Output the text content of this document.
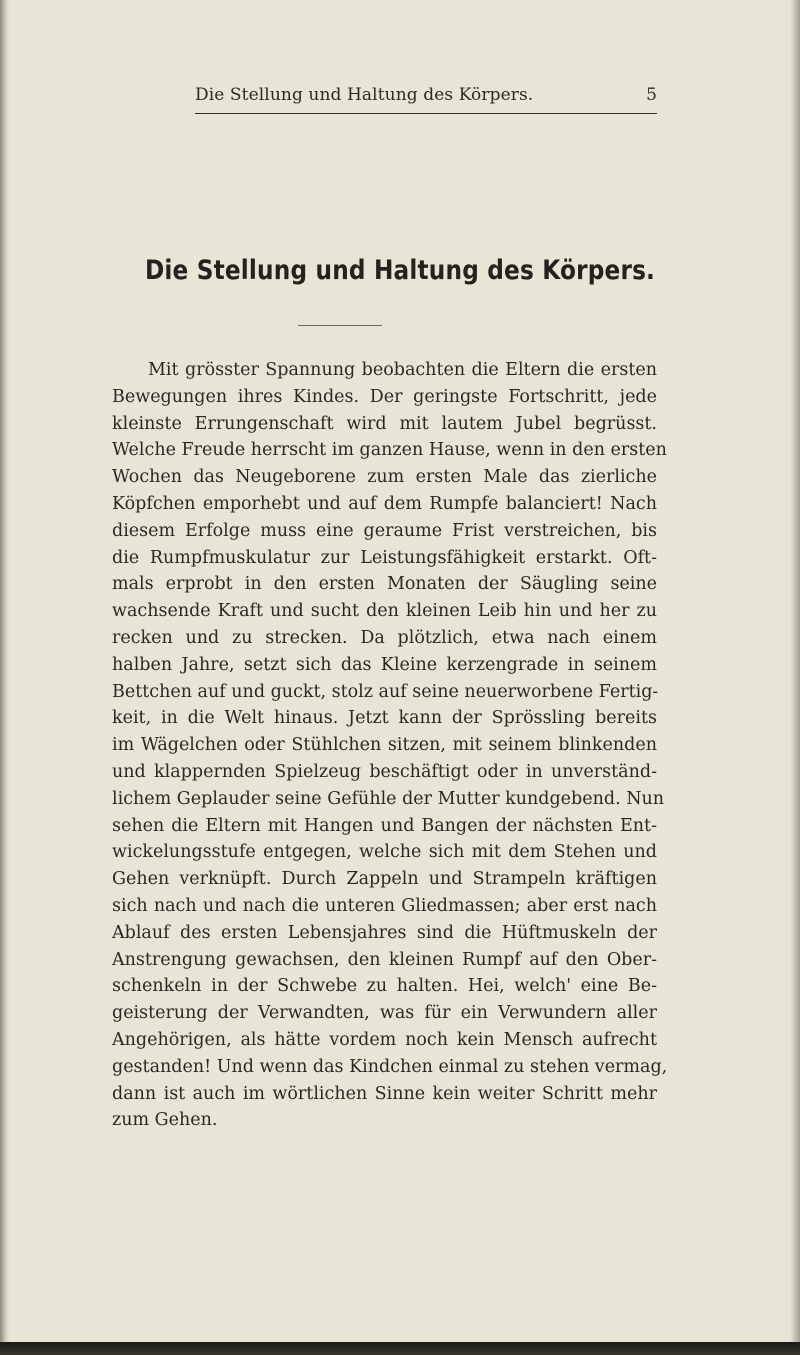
Die Stellung und Haltung des Körpers.	5
Die Stellung und Haltung des Körpers.
Mit grösster Spannung beobachten die Eltern die ersten
Bewegungen ihres Kindes. Der geringste Fortschritt, jede
kleinste Errungenschaft wird mit lautem Jubel begrüsst.
Welche Freude herrscht im ganzen Hause, wenn in den ersten
Wochen das Neugeborene zum ersten Male das zierliche
Köpfchen emporhebt und auf dem Rumpfe balanciert! Nach
diesem Erfolge muss eine geraume Frist verstreichen, bis
die Rumpfmuskulatur zur Leistungsfähigkeit erstarkt. Oft-
mals erprobt in den ersten Monaten der Säugling seine
wachsende Kraft und sucht den kleinen Leib hin und her zu
recken und zu strecken. Da plötzlich, etwa nach einem
halben Jahre, setzt sich das Kleine kerzengrade in seinem
Bettchen auf und guckt, stolz auf seine neuerworbene Fertig-
keit, in die Welt hinaus. Jetzt kann der Sprössling bereits
im Wägelchen oder Stühlchen sitzen, mit seinem blinkenden
und klappernden Spielzeug beschäftigt oder in unverständ-
lichem Geplauder seine Gefühle der Mutter kundgebend. Nun
sehen die Eltern mit Hangen und Bangen der nächsten Ent-
wickelungsstufe entgegen, welche sich mit dem Stehen und
Gehen verknüpft. Durch Zappeln und Strampeln kräftigen
sich nach und nach die unteren Gliedmassen; aber erst nach
Ablauf des ersten Lebensjahres sind die Hüftmuskeln der
Anstrengung gewachsen, den kleinen Rumpf auf den Ober-
schenkeln in der Schwebe zu halten. Hei, welch' eine Be-
geisterung der Verwandten, was für ein Verwundern aller
Angehörigen, als hätte vordem noch kein Mensch aufrecht
gestanden! Und wenn das Kindchen einmal zu stehen vermag,
dann ist auch im wörtlichen Sinne kein weiter Schritt mehr
zum Gehen.
